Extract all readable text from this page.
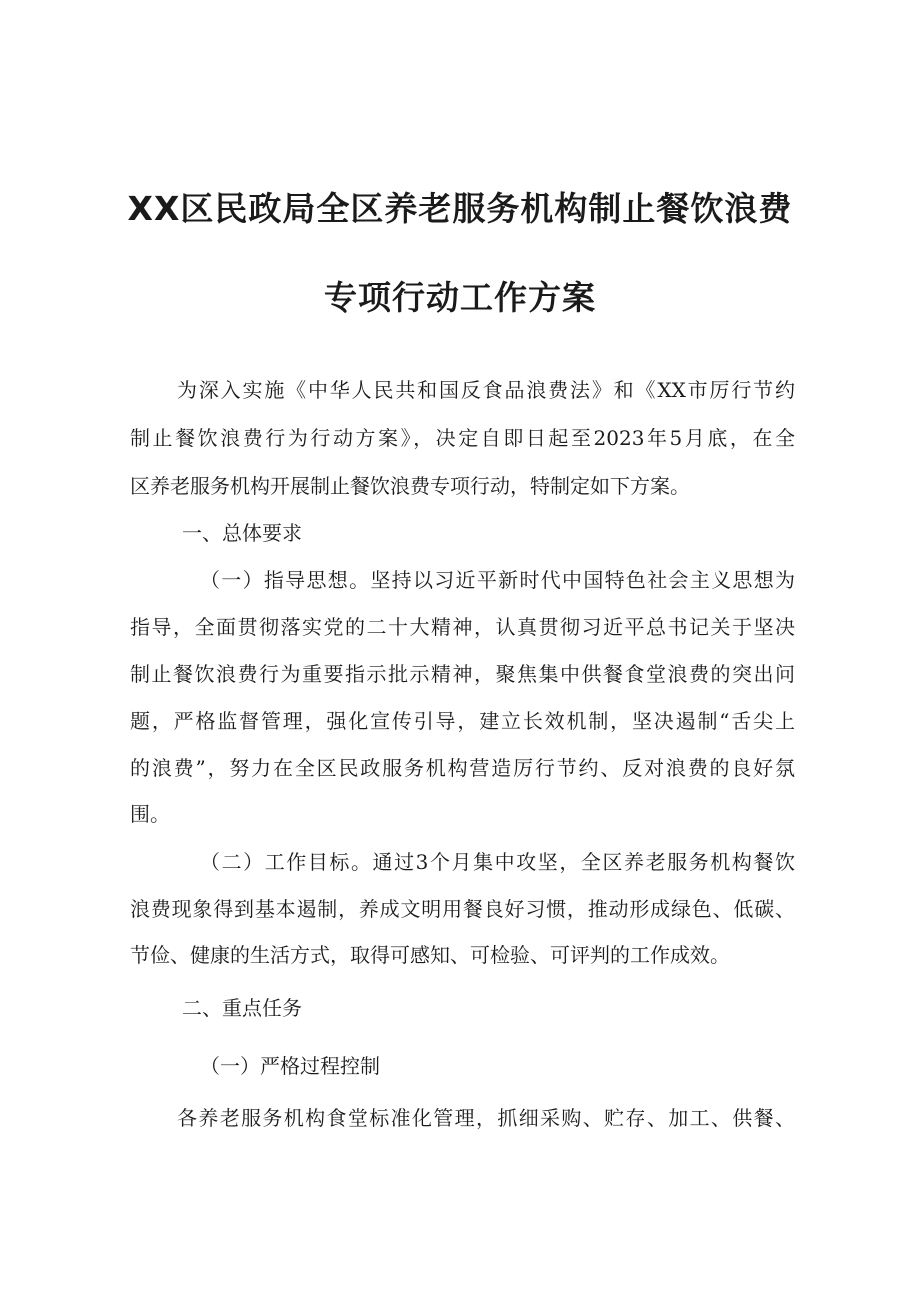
XX区民政局全区养老服务机构制止餐饮浪费
专项行动工作方案

为深入实施《中华人民共和国反食品浪费法》和《XX市厉行节约

制止餐饮浪费行为行动方案》，决定自即日起至2023年5月底，在全

区养老服务机构开展制止餐饮浪费专项行动，特制定如下方案。

一、总体要求

（一）指导思想。坚持以习近平新时代中国特色社会主义思想为

指导，全面贯彻落实党的二十大精神，认真贯彻习近平总书记关于坚决

制止餐饮浪费行为重要指示批示精神，聚焦集中供餐食堂浪费的突出问

题，严格监督管理，强化宣传引导，建立长效机制，坚决遏制“舌尖上

的浪费”，努力在全区民政服务机构营造厉行节约、反对浪费的良好氛

围。

（二）工作目标。通过3个月集中攻坚，全区养老服务机构餐饮

浪费现象得到基本遏制，养成文明用餐良好习惯，推动形成绿色、低碳、

节俭、健康的生活方式，取得可感知、可检验、可评判的工作成效。

二、重点任务

（一）严格过程控制

各养老服务机构食堂标准化管理，抓细采购、贮存、加工、供餐、
